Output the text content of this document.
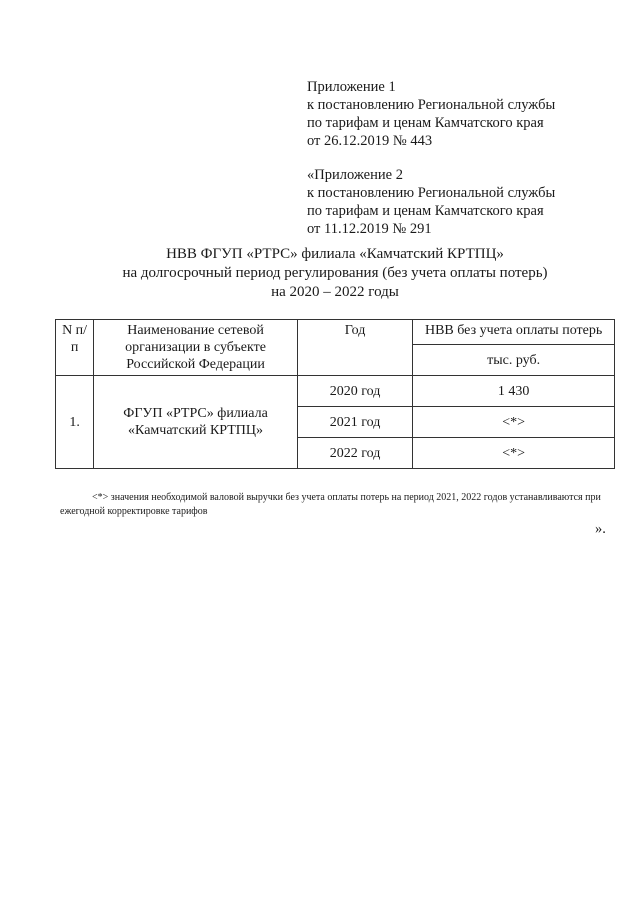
Приложение 1
к постановлению Региональной службы
по тарифам и ценам Камчатского края
от 26.12.2019 № 443
«Приложение 2
к постановлению Региональной службы
по тарифам и ценам Камчатского края
от 11.12.2019 № 291
НВВ ФГУП «РТРС» филиала «Камчатский КРТПЦ»
на долгосрочный период регулирования (без учета оплаты потерь)
на 2020 – 2022 годы
N п/п	Наименование сетевой организации в субъекте Российской Федерации	Год	НВВ без учета оплаты потерь
			тыс. руб.
1.	ФГУП «РТРС» филиала «Камчатский КРТПЦ»	2020 год	1 430
		2021 год	<*>
		2022 год	<*>
<*> значения необходимой валовой выручки без учета оплаты потерь на период 2021, 2022 годов устанавливаются при ежегодной корректировке тарифов
».
